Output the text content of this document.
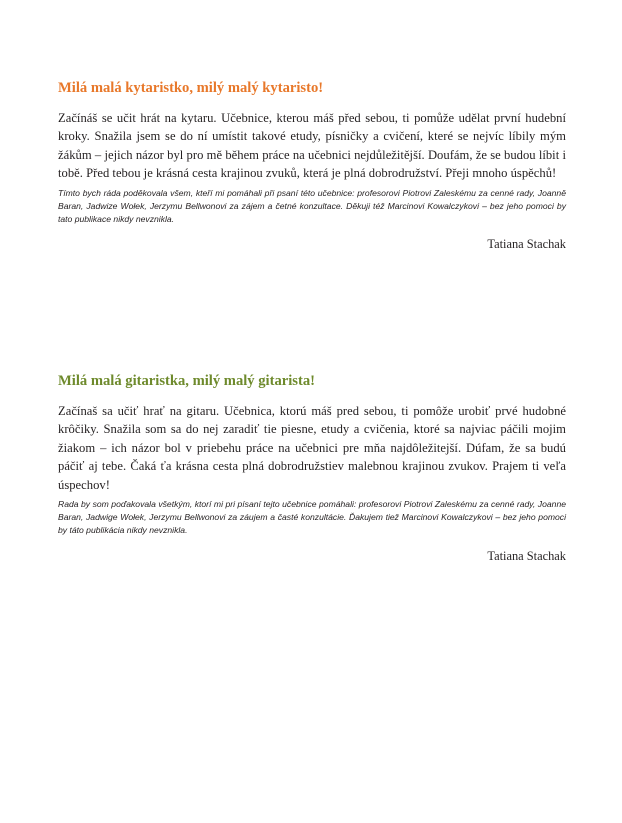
Milá malá kytaristko, milý malý kytaristo!

Začínáš se učit hrát na kytaru. Učebnice, kterou máš před sebou, ti pomůže udělat první hudební kroky. Snažila jsem se do ní umístit takové etudy, písničky a cvičení, které se nejvíc líbily mým žákům – jejich názor byl pro mě během práce na učebnici nejdůležitější. Doufám, že se budou líbit i tobě. Před tebou je krásná cesta krajinou zvuků, která je plná dobrodružství. Přeji mnoho úspěchů!

Tímto bych ráda poděkovala všem, kteří mi pomáhali při psaní této učebnice: profesorovi Piotrovi Zaleskému za cenné rady, Joanně Baran, Jadwize Wołek, Jerzymu Bellwonovi za zájem a četné konzultace. Děkuji též Marcinovi Kowalczykovi – bez jeho pomoci by tato publikace nikdy nevznikla.

Tatiana Stachak

Milá malá gitaristka, milý malý gitarista!

Začínaš sa učiť hrať na gitaru. Učebnica, ktorú máš pred sebou, ti pomôže urobiť prvé hudobné krôčiky. Snažila som sa do nej zaradiť tie piesne, etudy a cvičenia, ktoré sa najviac páčili mojim žiakom – ich názor bol v priebehu práce na učebnici pre mňa najdôležitejší. Dúfam, že sa budú páčiť aj tebe. Čaká ťa krásna cesta plná dobrodružstiev malebnou krajinou zvukov. Prajem ti veľa úspechov!

Rada by som poďakovala všetkým, ktorí mi pri písaní tejto učebnice pomáhali: profesorovi Piotrovi Zaleskému za cenné rady, Joanne Baran, Jadwige Wołek, Jerzymu Bellwonovi za záujem a časté konzultácie. Ďakujem tiež Marcinovi Kowalczykovi – bez jeho pomoci by táto publikácia nikdy nevznikla.

Tatiana Stachak
